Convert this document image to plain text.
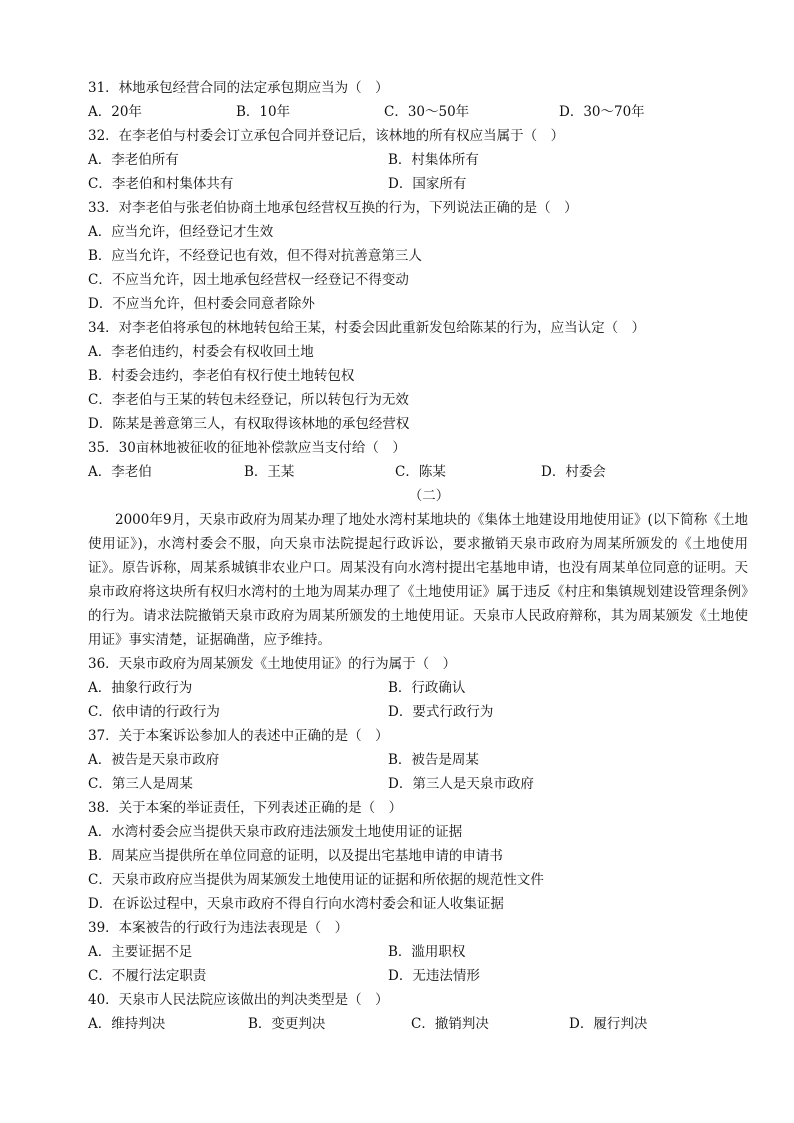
31．林地承包经营合同的法定承包期应当为（　）
A．20年	B．10年	C．30～50年	D．30～70年
32．在李老伯与村委会订立承包合同并登记后，该林地的所有权应当属于（　）
A．李老伯所有	B．村集体所有
C．李老伯和村集体共有	D．国家所有
33．对李老伯与张老伯协商土地承包经营权互换的行为，下列说法正确的是（　）
A．应当允许，但经登记才生效
B．应当允许，不经登记也有效，但不得对抗善意第三人
C．不应当允许，因土地承包经营权一经登记不得变动
D．不应当允许，但村委会同意者除外
34．对李老伯将承包的林地转包给王某，村委会因此重新发包给陈某的行为，应当认定（　）
A．李老伯违约，村委会有权收回土地
B．村委会违约，李老伯有权行使土地转包权
C．李老伯与王某的转包未经登记，所以转包行为无效
D．陈某是善意第三人，有权取得该林地的承包经营权
35．30亩林地被征收的征地补偿款应当支付给（　）
A．李老伯	B．王某	C．陈某	D．村委会
（二）

2000年9月，天泉市政府为周某办理了地处水湾村某地块的《集体土地建设用地使用证》(以下简称《土地使用证》)，水湾村委会不服，向天泉市法院提起行政诉讼，要求撤销天泉市政府为周某所颁发的《土地使用证》。原告诉称，周某系城镇非农业户口。周某没有向水湾村提出宅基地申请，也没有周某单位同意的证明。天泉市政府将这块所有权归水湾村的土地为周某办理了《土地使用证》属于违反《村庄和集镇规划建设管理条例》的行为。请求法院撤销天泉市政府为周某所颁发的土地使用证。天泉市人民政府辩称，其为周某颁发《土地使用证》事实清楚，证据确凿，应予维持。

36．天泉市政府为周某颁发《土地使用证》的行为属于（　）
A．抽象行政行为	B．行政确认
C．依申请的行政行为	D．要式行政行为
37．关于本案诉讼参加人的表述中正确的是（　）
A．被告是天泉市政府	B．被告是周某
C．第三人是周某	D．第三人是天泉市政府
38．关于本案的举证责任，下列表述正确的是（　）
A．水湾村委会应当提供天泉市政府违法颁发土地使用证的证据
B．周某应当提供所在单位同意的证明，以及提出宅基地申请的申请书
C．天泉市政府应当提供为周某颁发土地使用证的证据和所依据的规范性文件
D．在诉讼过程中，天泉市政府不得自行向水湾村委会和证人收集证据
39．本案被告的行政行为违法表现是（　）
A．主要证据不足	B．滥用职权
C．不履行法定职责	D．无违法情形
40．天泉市人民法院应该做出的判决类型是（　）
A．维持判决	B．变更判决	C．撤销判决	D．履行判决
